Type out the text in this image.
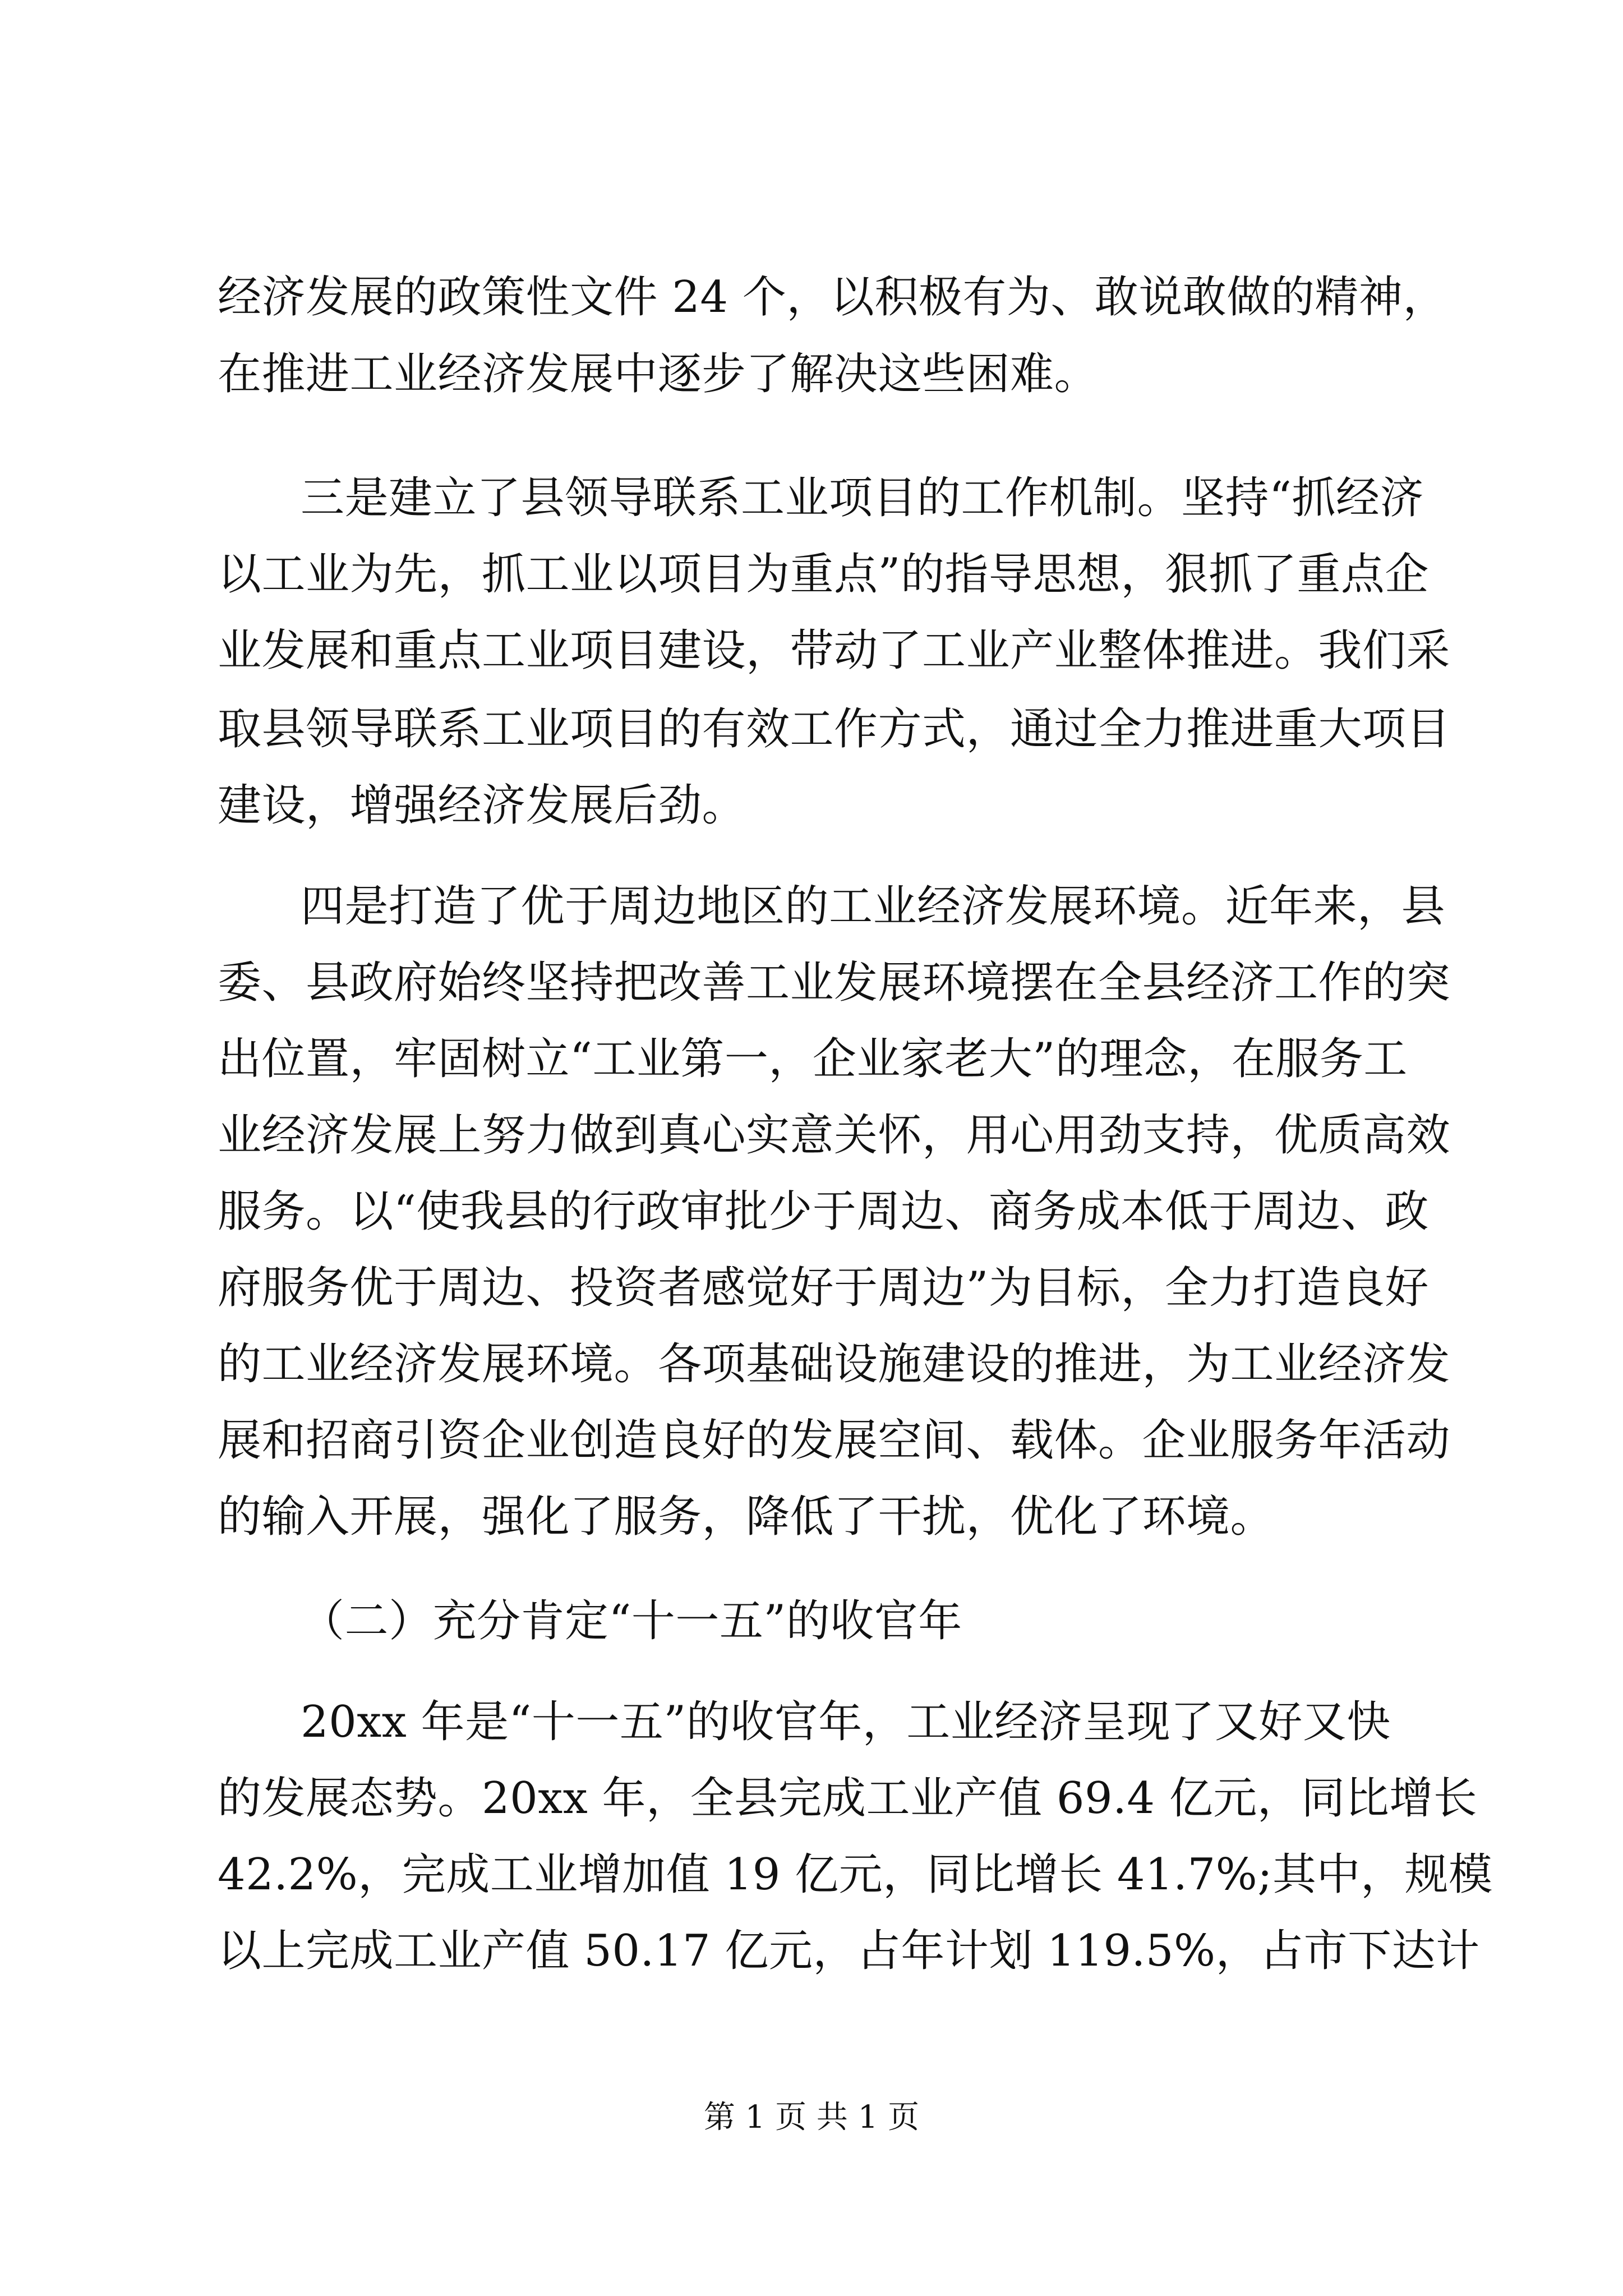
经济发展的政策性文件 24 个，以积极有为、敢说敢做的精神，
在推进工业经济发展中逐步了解决这些困难。
三是建立了县领导联系工业项目的工作机制。坚持“抓经济
以工业为先，抓工业以项目为重点”的指导思想，狠抓了重点企
业发展和重点工业项目建设，带动了工业产业整体推进。我们采
取县领导联系工业项目的有效工作方式，通过全力推进重大项目
建设，增强经济发展后劲。
四是打造了优于周边地区的工业经济发展环境。近年来，县
委、县政府始终坚持把改善工业发展环境摆在全县经济工作的突
出位置，牢固树立“工业第一，企业家老大”的理念，在服务工
业经济发展上努力做到真心实意关怀，用心用劲支持，优质高效
服务。以“使我县的行政审批少于周边、商务成本低于周边、政
府服务优于周边、投资者感觉好于周边”为目标，全力打造良好
的工业经济发展环境。各项基础设施建设的推进，为工业经济发
展和招商引资企业创造良好的发展空间、载体。企业服务年活动
的输入开展，强化了服务，降低了干扰，优化了环境。
（二）充分肯定“十一五”的收官年
20xx 年是“十一五”的收官年，工业经济呈现了又好又快
的发展态势。20xx 年，全县完成工业产值 69.4 亿元，同比增长
42.2%，完成工业增加值 19 亿元，同比增长 41.7%;其中，规模
以上完成工业产值 50.17 亿元，占年计划 119.5%，占市下达计
第 1 页 共 1 页
